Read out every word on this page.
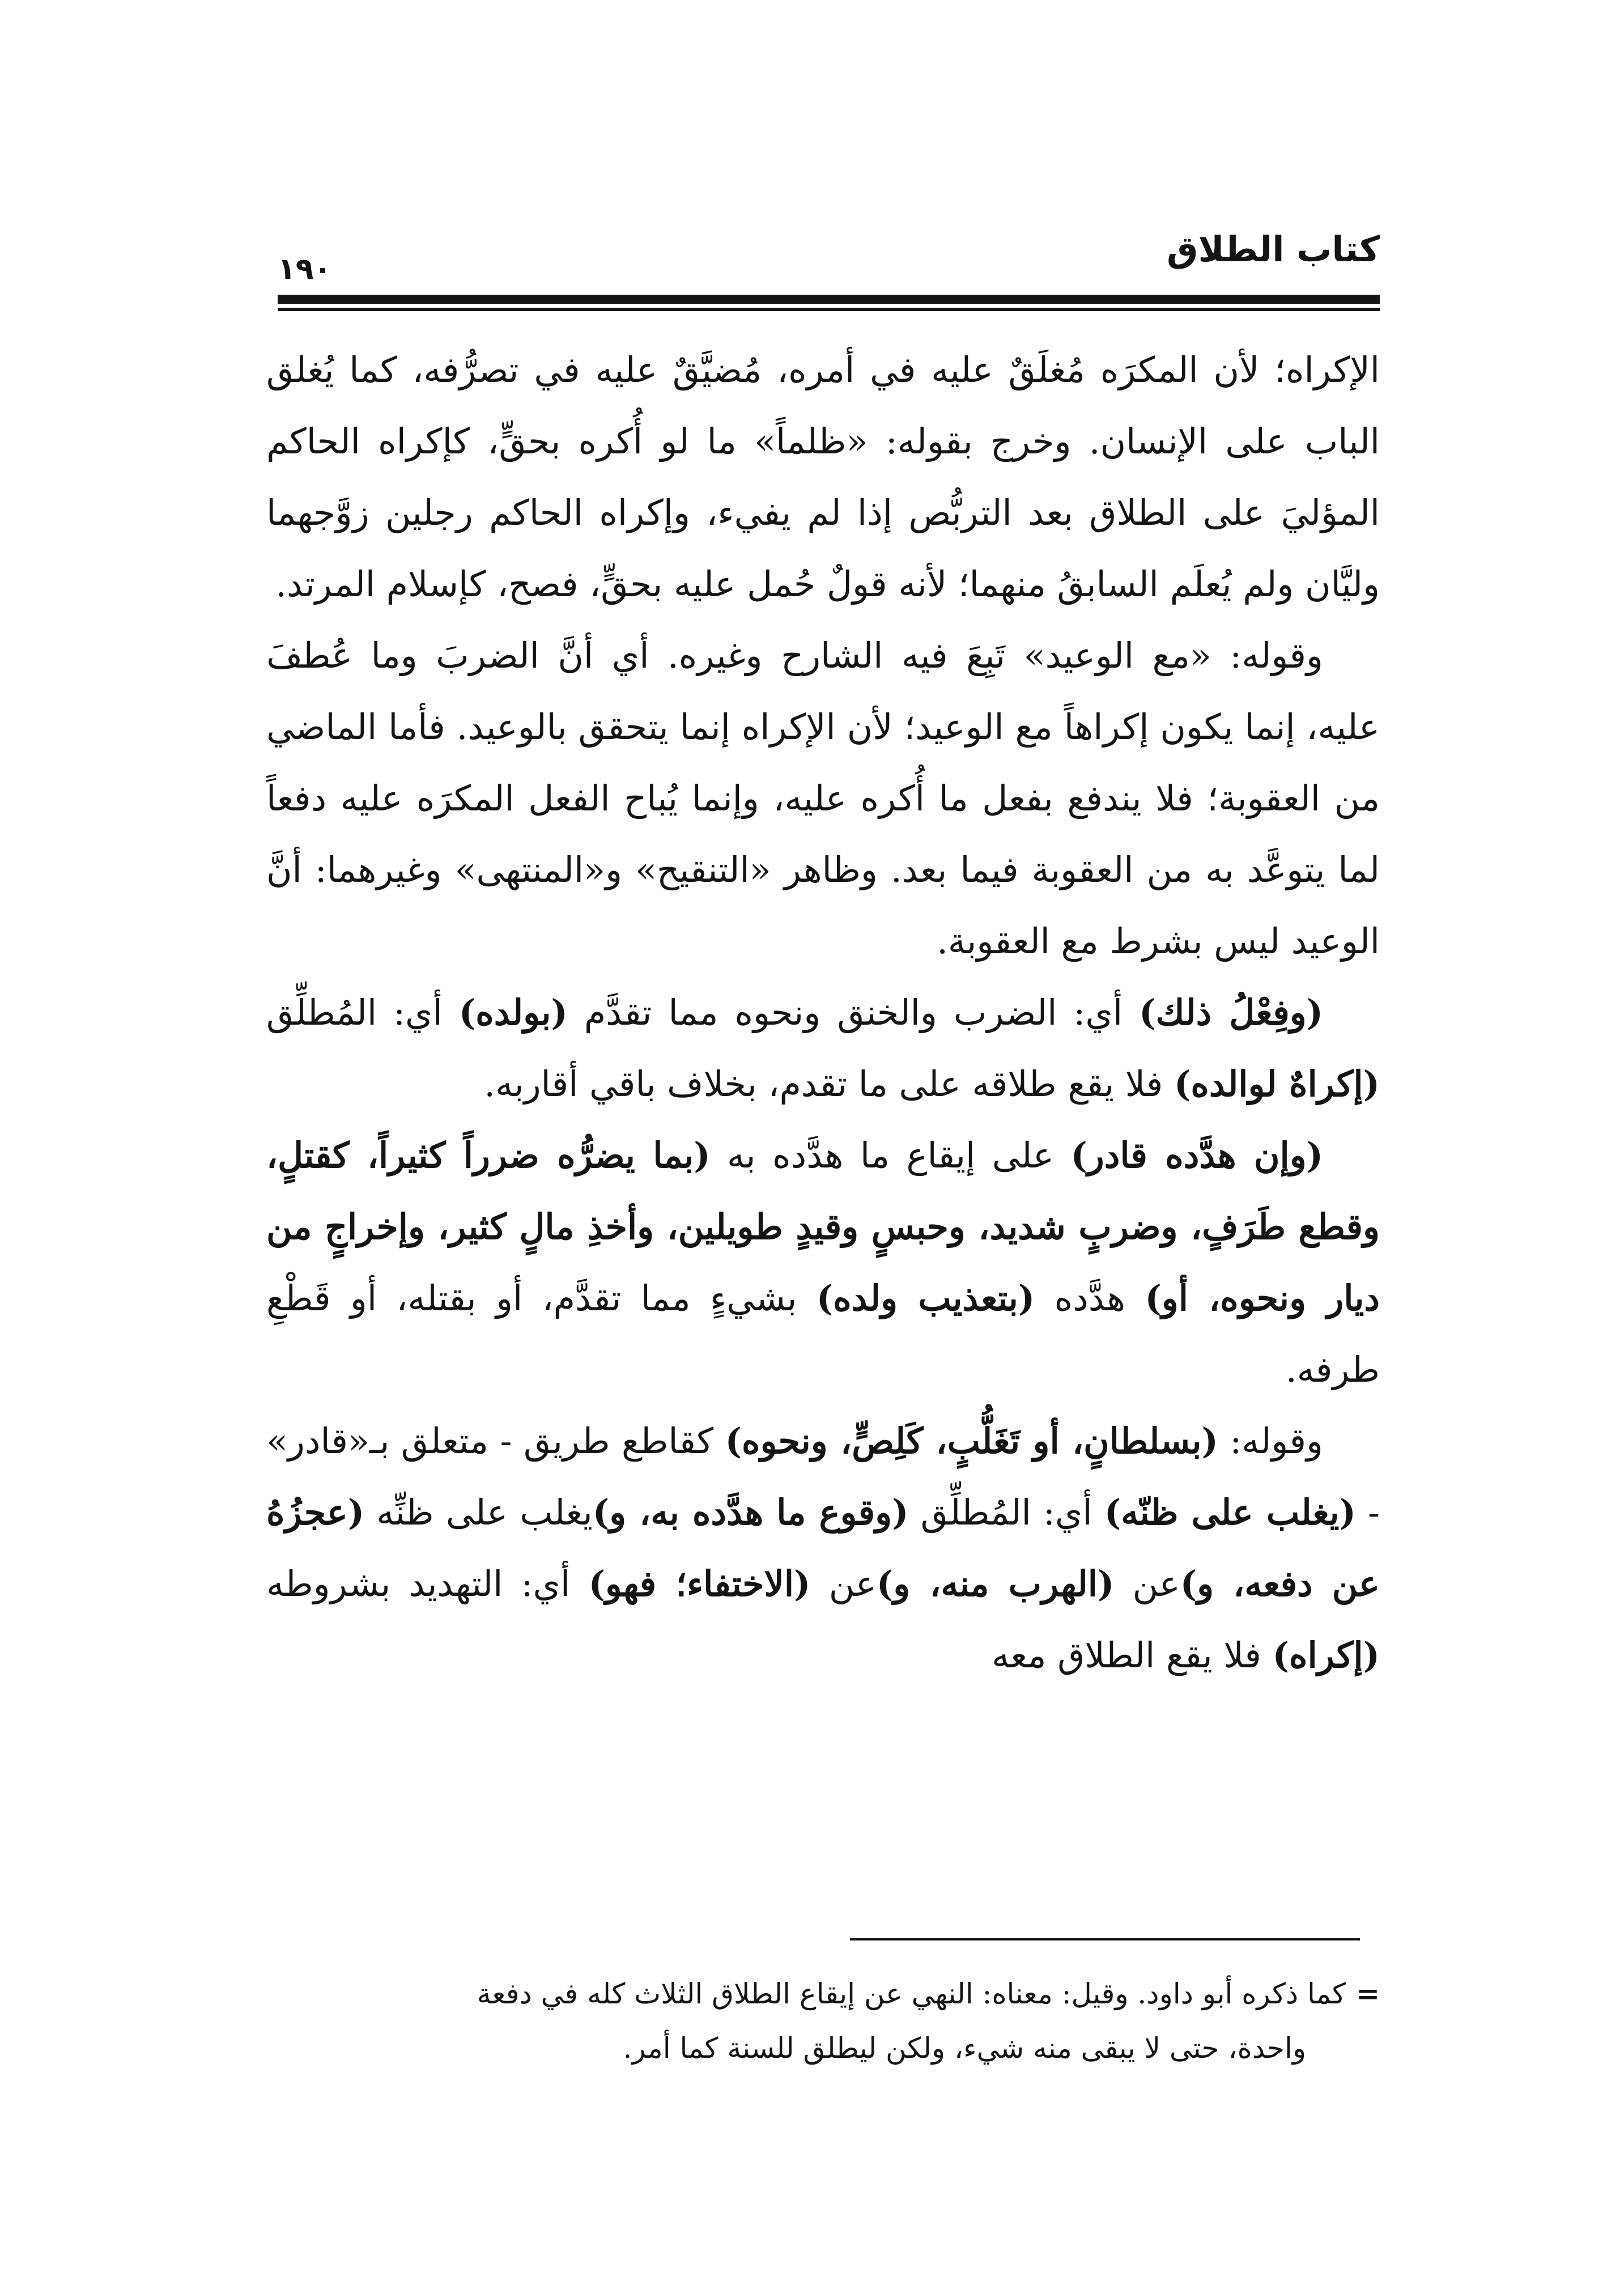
كتاب الطلاق
١٩٠

الإكراه؛ لأن المكرَه مُغلَقٌ عليه في أمره، مُضيَّقٌ عليه في تصرُّفه، كما يُغلق الباب على الإنسان. وخرج بقوله: «ظلماً» ما لو أُكره بحقٍّ، كإكراه الحاكم المؤليَ على الطلاق بعد التربُّص إذا لم يفيء، وإكراه الحاكم رجلين زوَّجهما وليَّان ولم يُعلَم السابقُ منهما؛ لأنه قولٌ حُمل عليه بحقٍّ، فصح، كإسلام المرتد.

وقوله: «مع الوعيد» تَبِعَ فيه الشارح وغيره. أي أنَّ الضربَ وما عُطفَ عليه، إنما يكون إكراهاً مع الوعيد؛ لأن الإكراه إنما يتحقق بالوعيد. فأما الماضي من العقوبة؛ فلا يندفع بفعل ما أُكره عليه، وإنما يُباح الفعل المكرَه عليه دفعاً لما يتوعَّد به من العقوبة فيما بعد. وظاهر «التنقيح» و«المنتهى» وغيرهما: أنَّ الوعيد ليس بشرط مع العقوبة.

(وفِعْلُ ذلك) أي: الضرب والخنق ونحوه مما تقدَّم (بولده) أي: المُطلِّق (إكراهٌ لوالده) فلا يقع طلاقه على ما تقدم، بخلاف باقي أقاربه.

(وإن هدَّده قادر) على إيقاع ما هدَّده به (بما يضرُّه ضرراً كثيراً، كقتلٍ، وقطع طَرَفٍ، وضربٍ شديد، وحبسٍ وقيدٍ طويلين، وأخذِ مالٍ كثير، وإخراجٍ من ديار ونحوه، أو) هدَّده (بتعذيب ولده) بشيءٍ مما تقدَّم، أو بقتله، أو قَطْعِ طرفه.

وقوله: (بسلطانٍ، أو تَغَلُّبٍ، كَلِصٍّ، ونحوه) كقاطع طريق - متعلق بـ«قادر» - (يغلب على ظنّه) أي: المُطلِّق (وقوع ما هدَّده به، و)يغلب على ظنِّه (عجزُهُ عن دفعه، و)عن (الهرب منه، و)عن (الاختفاء؛ فهو) أي: التهديد بشروطه (إكراه) فلا يقع الطلاق معه

=كما ذكره أبو داود. وقيل: معناه: النهي عن إيقاع الطلاق الثلاث كله في دفعة

واحدة، حتى لا يبقى منه شيء، ولكن ليطلق للسنة كما أمر.
